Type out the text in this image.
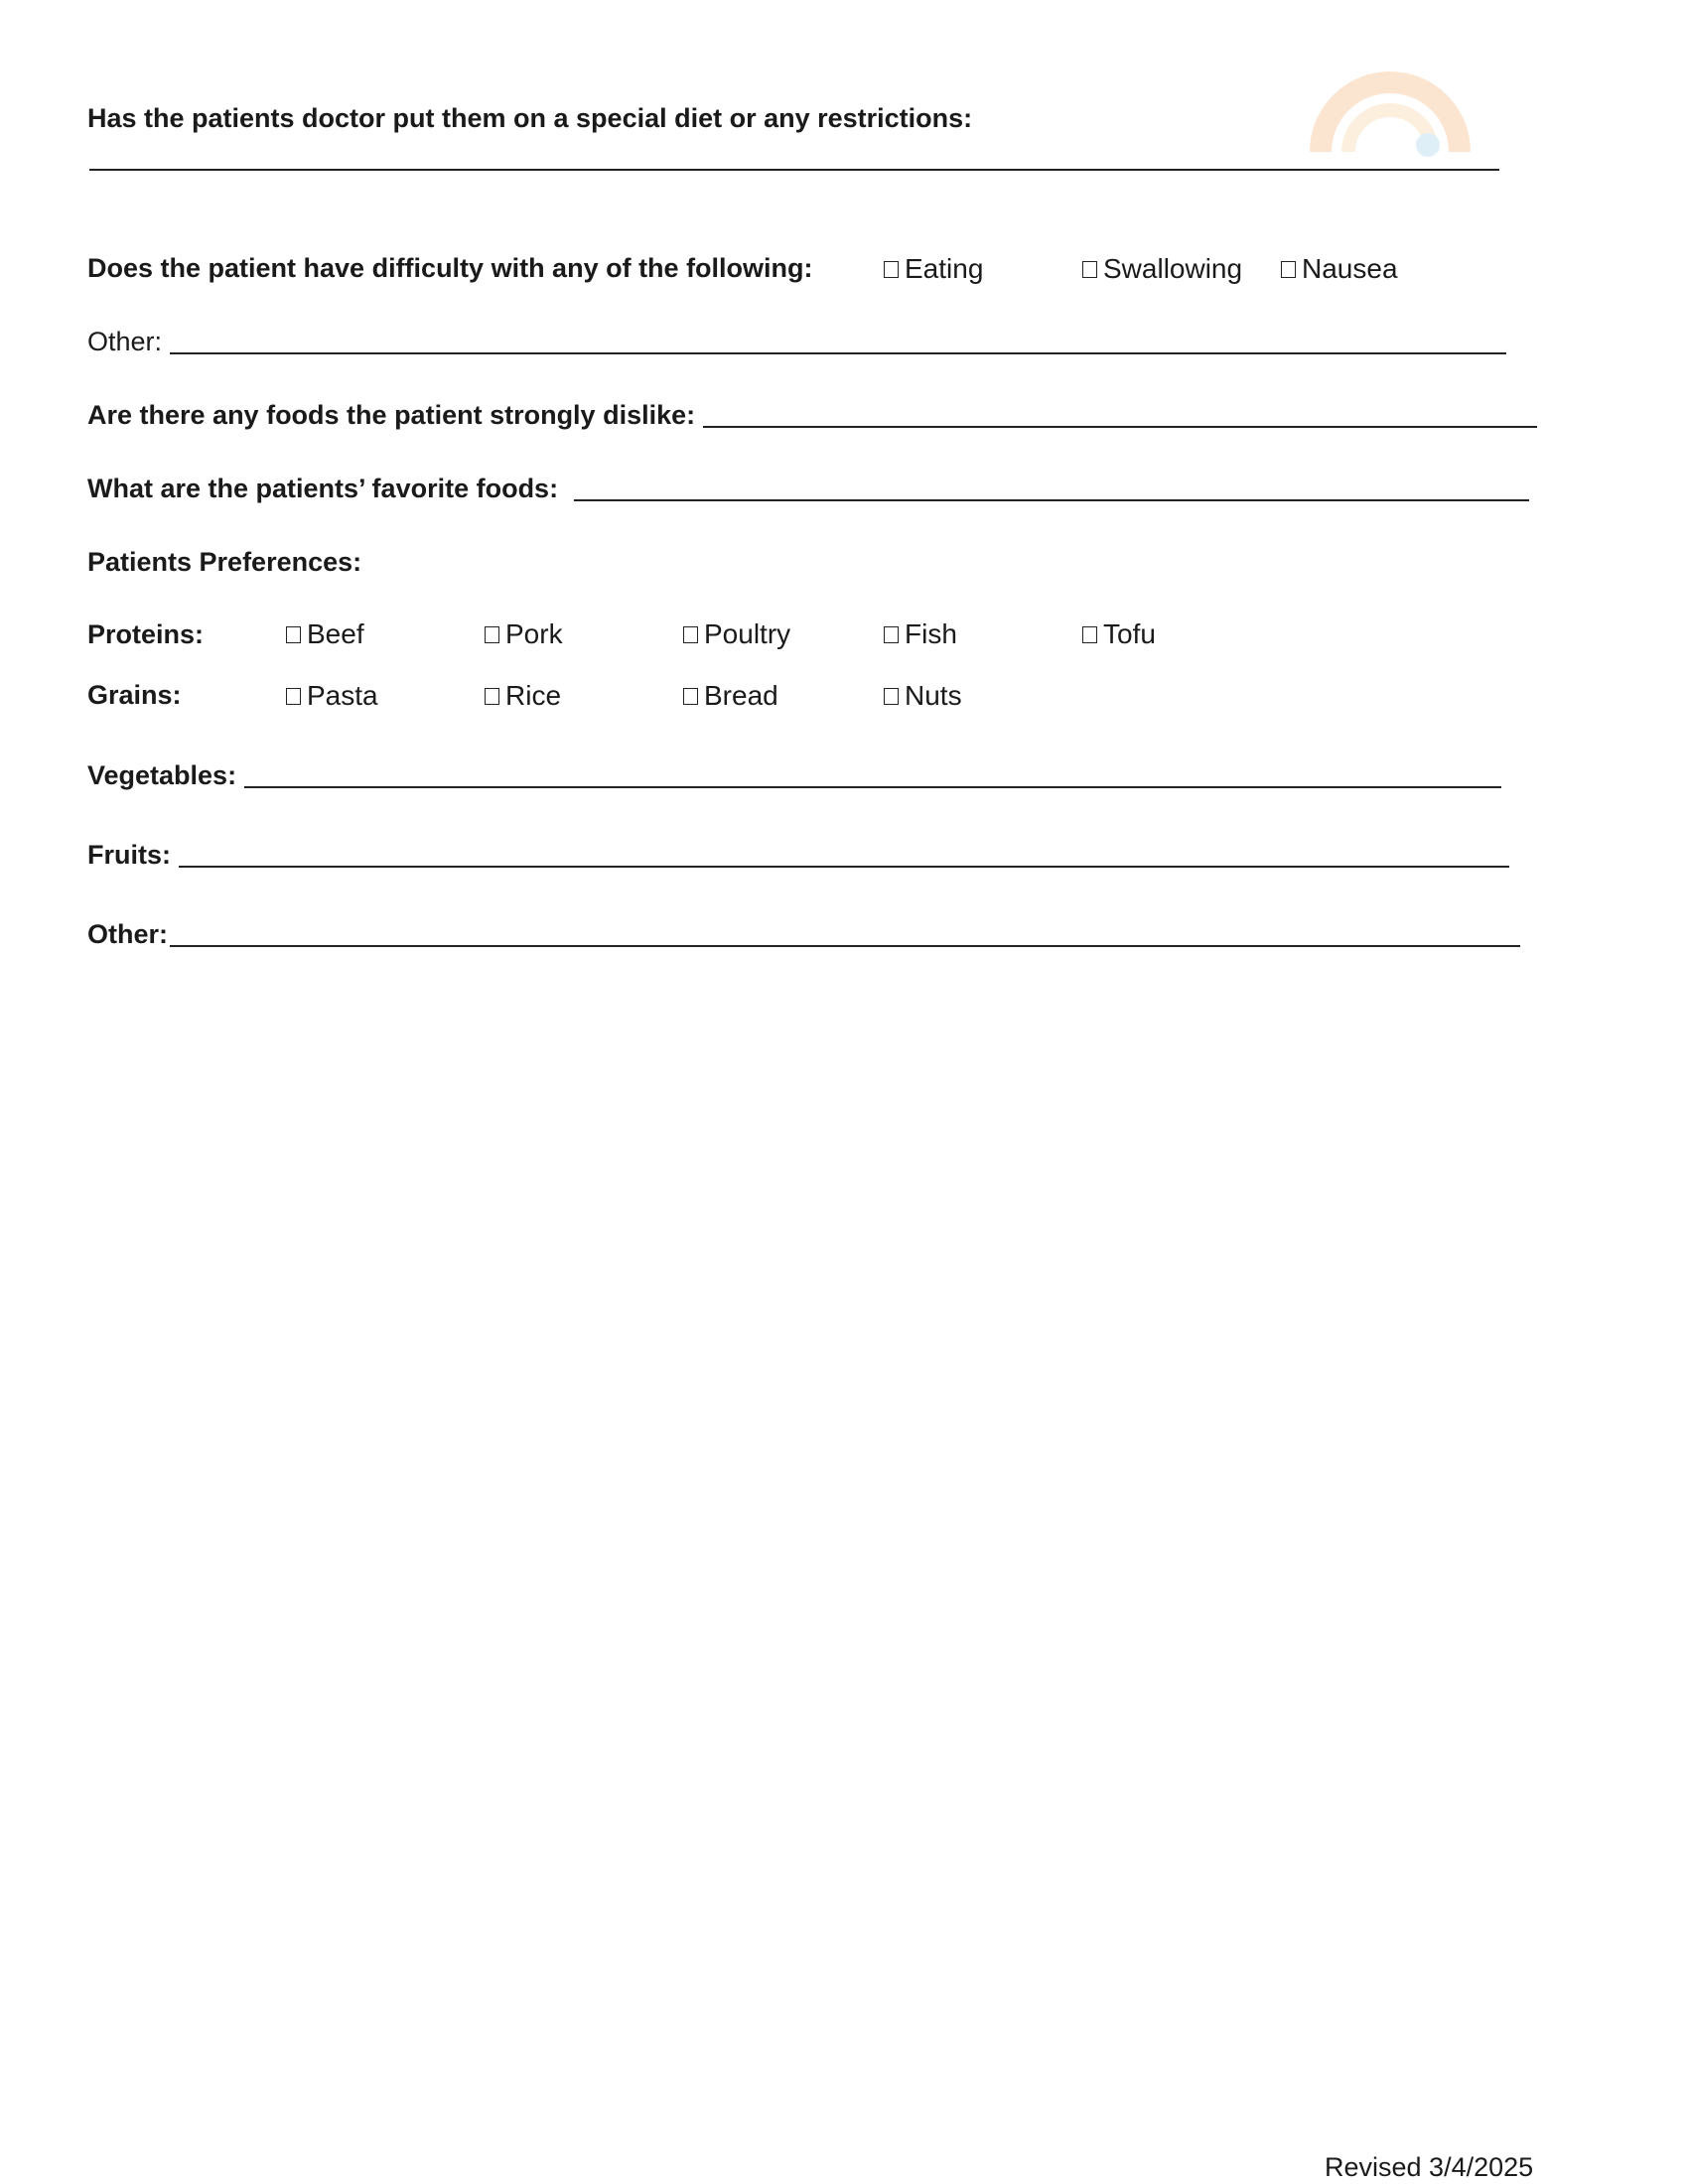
Has the patients doctor put them on a special diet or any restrictions:
Does the patient have difficulty with any of the following:	Eating	Swallowing Nausea
Other:
Are there any foods the patient strongly dislike:
What are the patients’ favorite foods:
Patients Preferences:
Proteins:	Beef	Pork	Poultry	Fish	Tofu
Grains:	Pasta	Rice	Bread	Nuts
Vegetables:
Fruits:
Other:
Revised 3/4/2025
